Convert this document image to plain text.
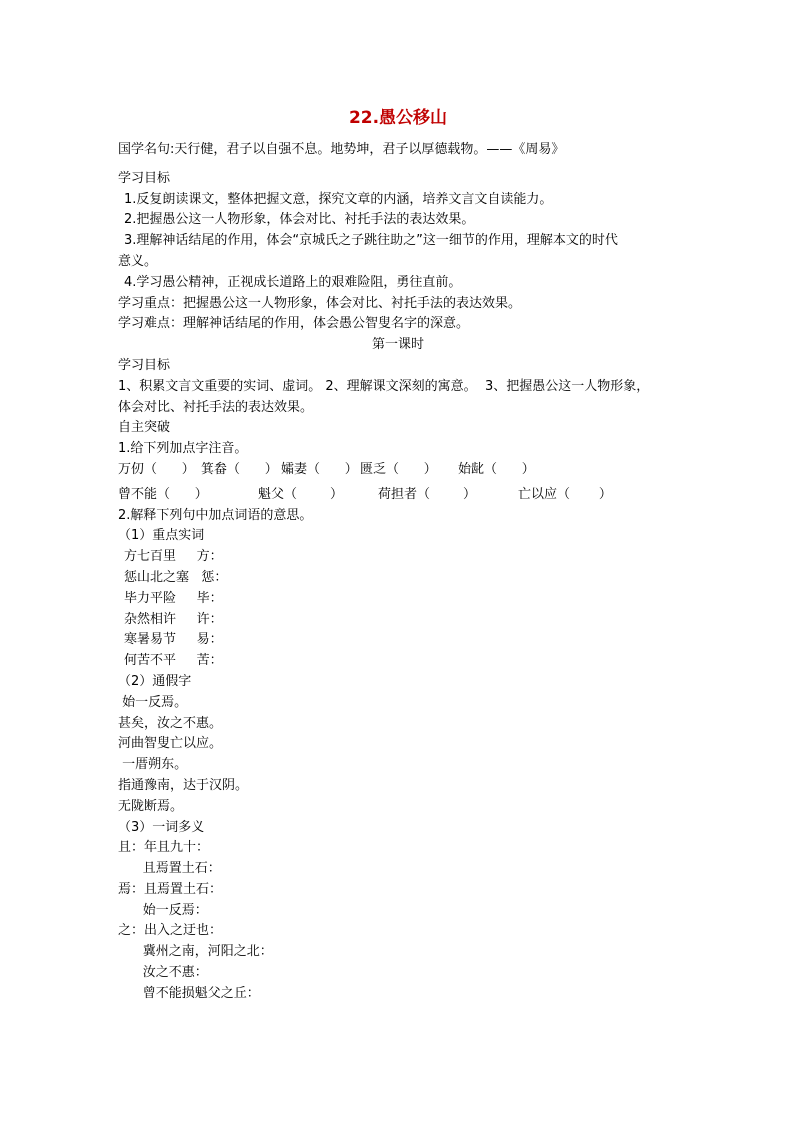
22.愚公移山
国学名句:天行健，君子以自强不息。地势坤，君子以厚德载物。——《周易》
学习目标
1.反复朗读课文，整体把握文意，探究文章的内涵，培养文言文自读能力。
2.把握愚公这一人物形象，体会对比、衬托手法的表达效果。
3.理解神话结尾的作用，体会“京城氏之子跳往助之”这一细节的作用，理解本文的时代
意义。
4.学习愚公精神，正视成长道路上的艰难险阻，勇往直前。
学习重点：把握愚公这一人物形象，体会对比、衬托手法的表达效果。
学习难点：理解神话结尾的作用，体会愚公智叟名字的深意。
第一课时
学习目标
1、积累文言文重要的实词、虚词。 2、理解课文深刻的寓意。  3、把握愚公这一人物形象，
体会对比、衬托手法的表达效果。
自主突破
1.给下列加点字注音。
万仞（      ） 箕畚（      ） 孀妻（      ） 匮乏（      ）	始龀（      ）
曾不能（      ）	魁父（        ）	荷担者（        ）	亡以应（       ）
2.解释下列句中加点词语的意思。
（1）重点实词
方七百里     方：
惩山北之塞   惩：
毕力平险     毕：
杂然相许     许：
寒暑易节     易：
何苦不平     苦：
（2）通假字
始一反焉。
甚矣，汝之不惠。
河曲智叟亡以应。
一厝朔东。
指通豫南，达于汉阴。
无陇断焉。
（3）一词多义
且：年且九十：
且焉置土石：
焉：且焉置土石：
始一反焉：
之：出入之迂也：
冀州之南，河阳之北：
汝之不惠：
曾不能损魁父之丘：
